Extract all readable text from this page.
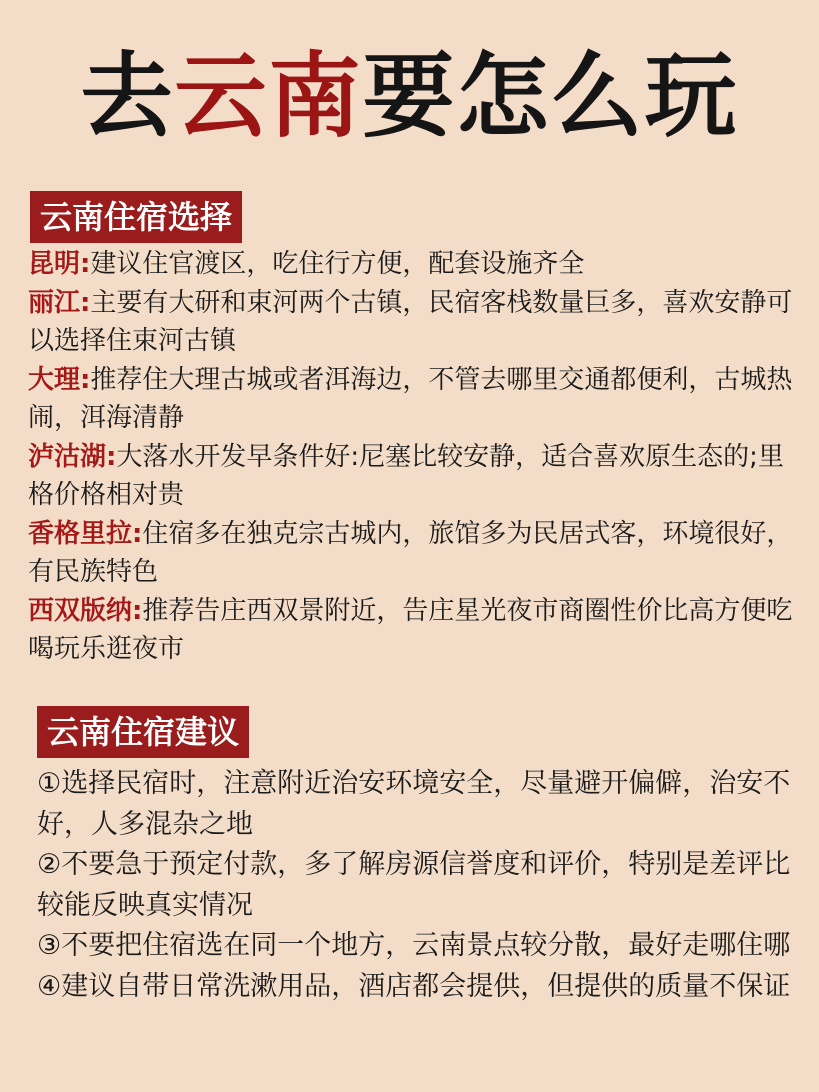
去云南要怎么玩
云南住宿选择

昆明:建议住官渡区，吃住行方便，配套设施齐全

丽江:主要有大研和束河两个古镇，民宿客栈数量巨多，喜欢安静可以选择住束河古镇

大理:推荐住大理古城或者洱海边，不管去哪里交通都便利，古城热闹，洱海清静

泸沽湖:大落水开发早条件好:尼塞比较安静，适合喜欢原生态的;里格价格相对贵

香格里拉:住宿多在独克宗古城内，旅馆多为民居式客，环境很好，有民族特色

西双版纳:推荐告庄西双景附近，告庄星光夜市商圈性价比高方便吃喝玩乐逛夜市

云南住宿建议

①选择民宿时，注意附近治安环境安全，尽量避开偏僻，治安不好，人多混杂之地

②不要急于预定付款，多了解房源信誉度和评价，特别是差评比较能反映真实情况

③不要把住宿选在同一个地方，云南景点较分散，最好走哪住哪

④建议自带日常洗漱用品，酒店都会提供，但提供的质量不保证
